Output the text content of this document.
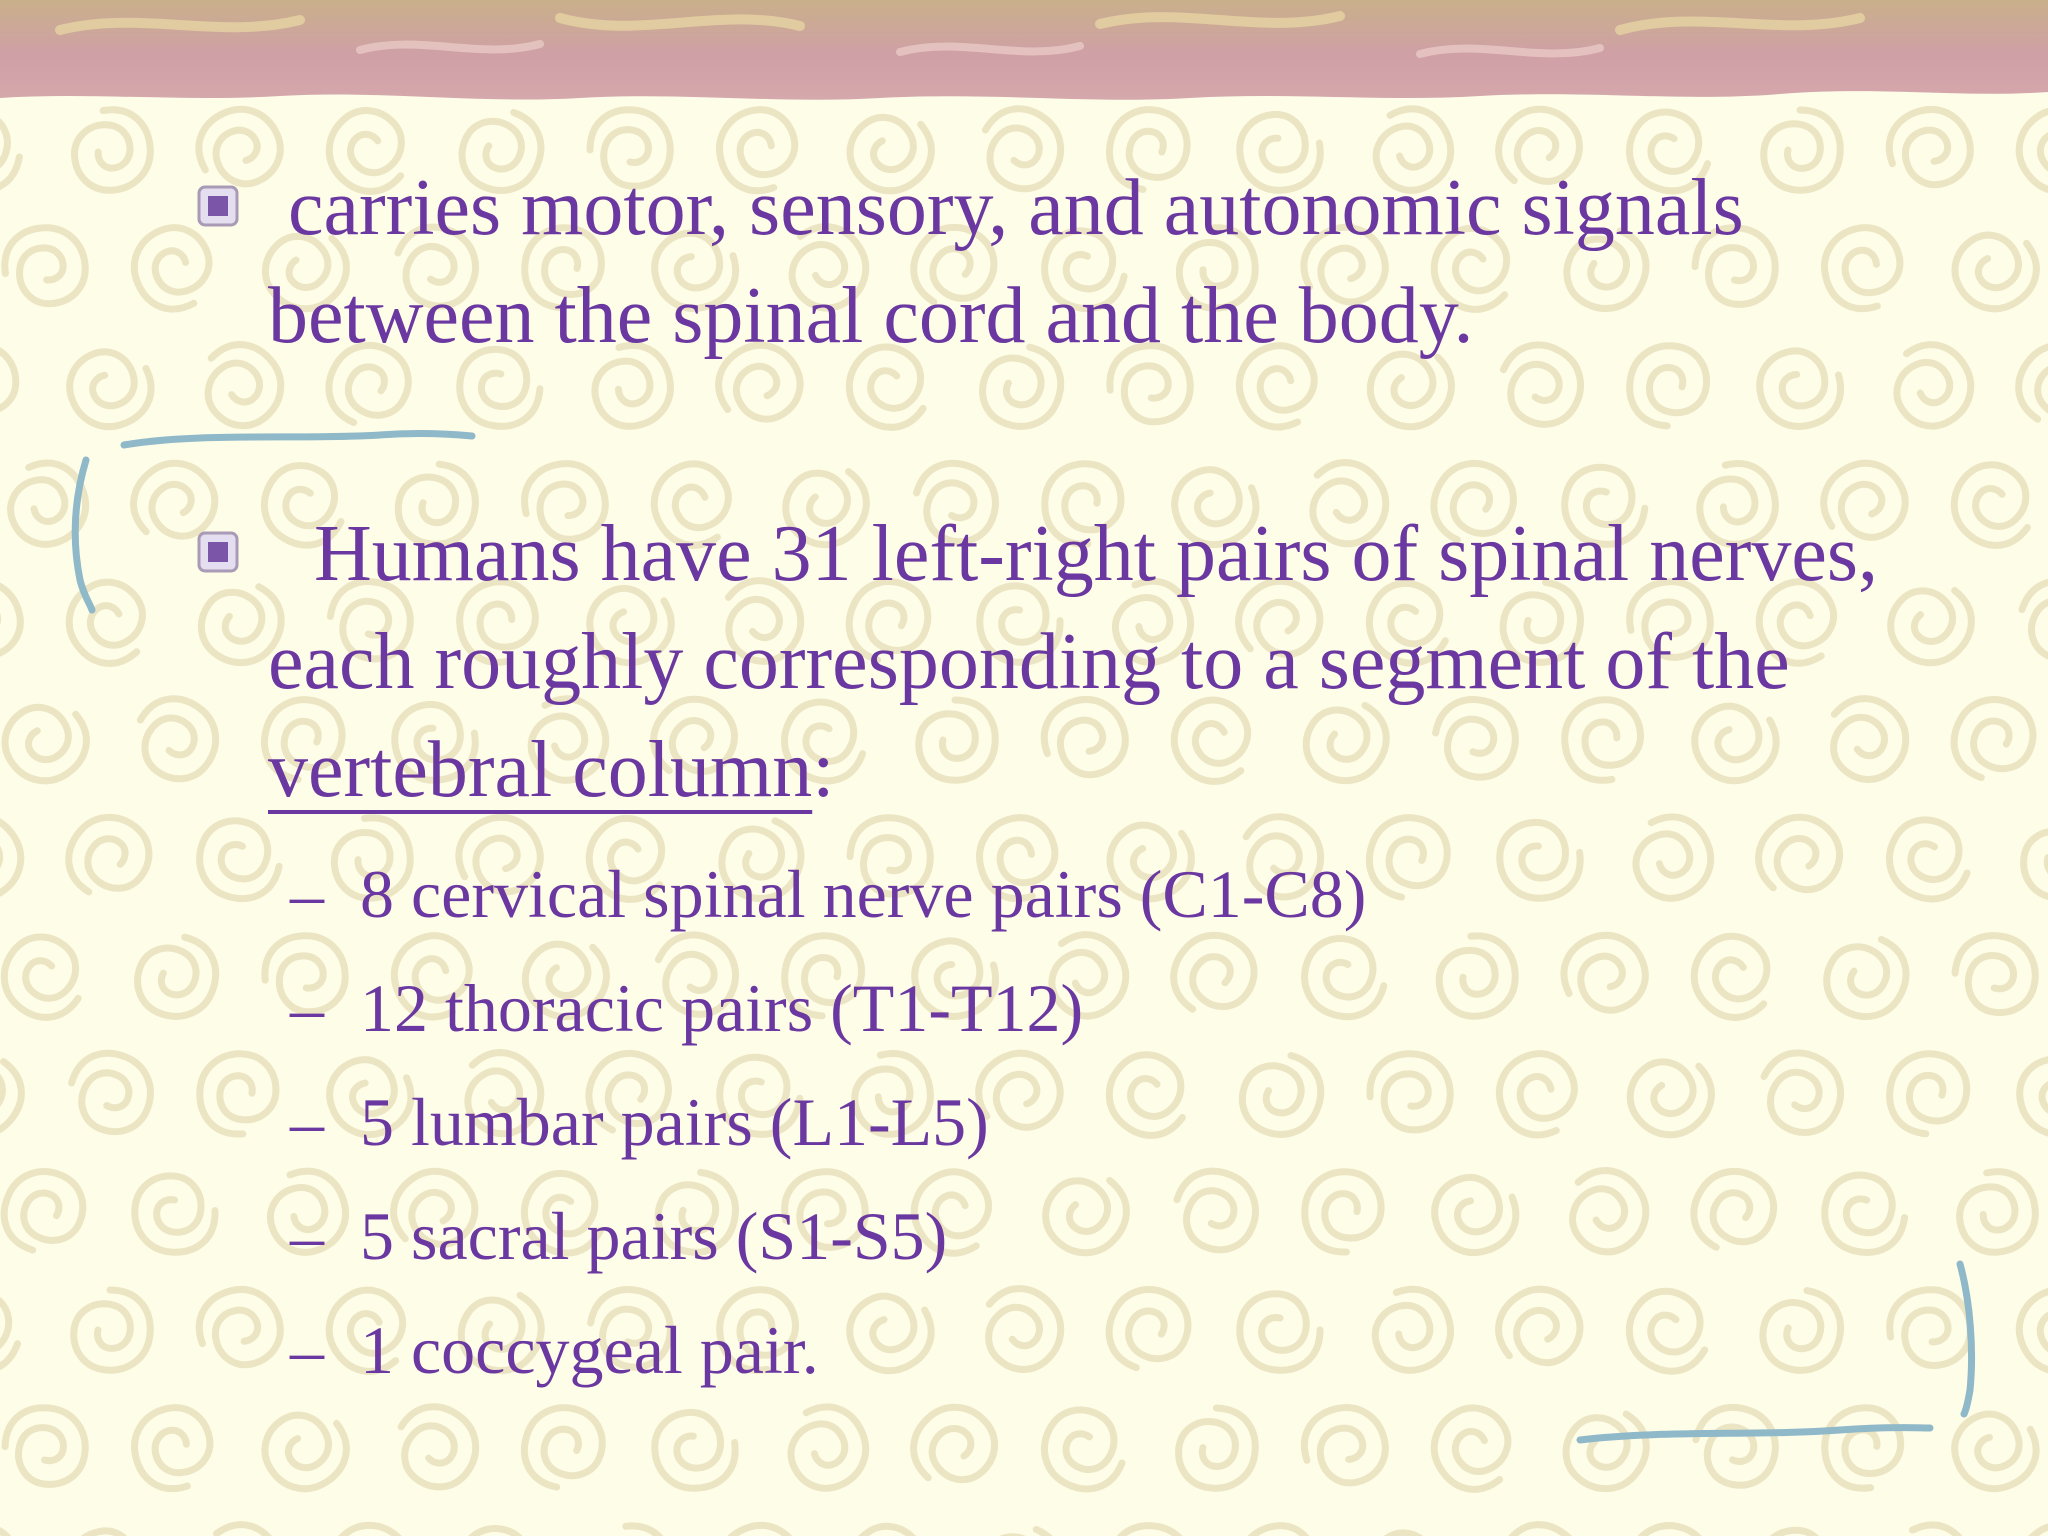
carries motor, sensory, and autonomic signals between the spinal cord and the body.

Humans have 31 left-right pairs of spinal nerves, each roughly corresponding to a segment of the vertebral column:

– 8 cervical spinal nerve pairs (C1-C8)

– 12 thoracic pairs (T1-T12)

– 5 lumbar pairs (L1-L5)

– 5 sacral pairs (S1-S5)

– 1 coccygeal pair.
